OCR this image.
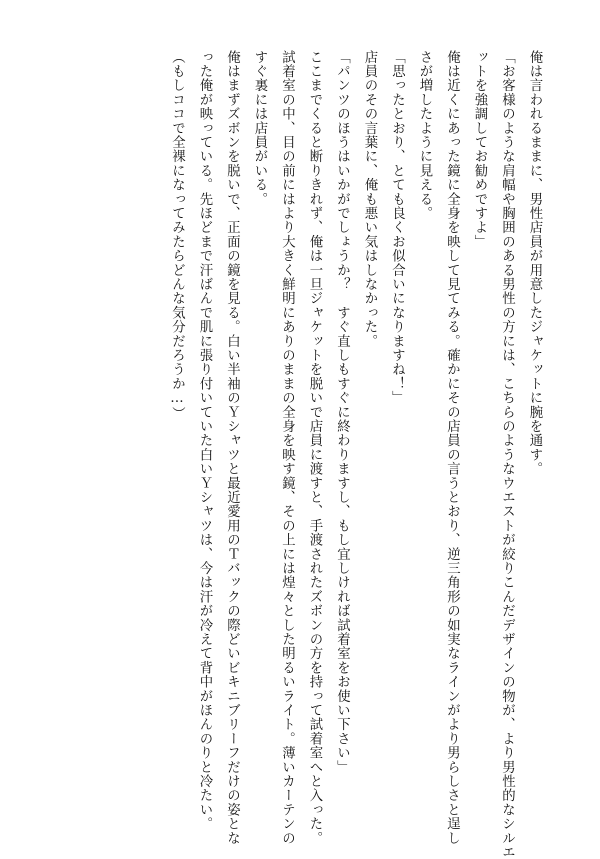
俺は言われるままに、男性店員が用意したジャケットに腕を通す。
「お客様のような肩幅や胸囲のある男性の方には、こちらのようなウエストが絞りこんだデザインの物が、より男性的なシルエ
ットを強調してお勧めですよ」
俺は近くにあった鏡に全身を映して見てみる。確かにその店員の言うとおり、逆三角形の如実なラインがより男らしさと逞し
さが増したように見える。
「思ったとおり、とても良くお似合いになりますね！」
店員のその言葉に、俺も悪い気はしなかった。
「パンツのほうはいかがでしょうか？　すぐ直しもすぐに終わりますし、もし宜しければ試着室をお使い下さい」
ここまでくると断りきれず、俺は一旦ジャケットを脱いで店員に渡すと、手渡されたズボンの方を持って試着室へと入った。
試着室の中、目の前にはより大きく鮮明にありのままの全身を映す鏡、その上には煌々とした明るいライト。薄いカーテンの
すぐ裏には店員がいる。
俺はまずズボンを脱いで、正面の鏡を見る。白い半袖のＹシャツと最近愛用のＴバックの際どいビキニブリーフだけの姿とな
った俺が映っている。先ほどまで汗ばんで肌に張り付いていた白いＹシャツは、今は汗が冷えて背中がほんのりと冷たい。
（もしココで全裸になってみたらどんな気分だろうか…）
